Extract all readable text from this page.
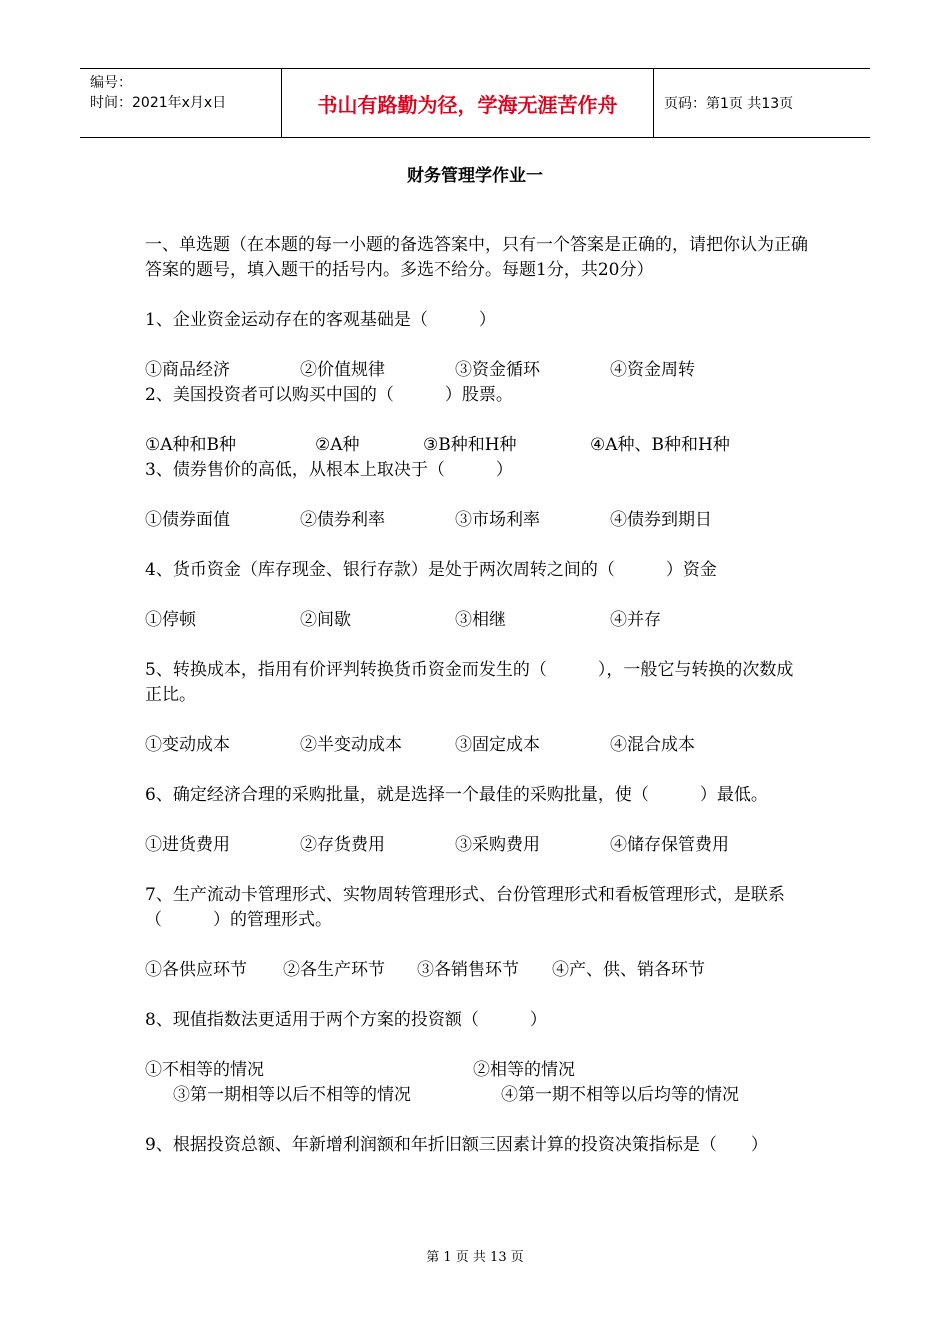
编号：
时间：2021年x月x日	书山有路勤为径，学海无涯苦作舟	页码：第1页 共13页
财务管理学作业一

一、单选题（在本题的每一小题的备选答案中，只有一个答案是正确的，请把你认为正确答案的题号，填入题干的括号内。多选不给分。每题1分，共20分）

1、企业资金运动存在的客观基础是（　　　）

①商品经济	②价值规律	③资金循环	④资金周转

2、美国投资者可以购买中国的（　　　）股票。

①A种和B种	②A种	③B种和H种	④A种、B种和H种

3、债券售价的高低，从根本上取决于（　　　）

①债券面值	②债券利率	③市场利率	④债券到期日

4、货币资金（库存现金、银行存款）是处于两次周转之间的（　　　）资金

①停顿	②间歇	③相继	④并存

5、转换成本，指用有价评判转换货币资金而发生的（　　　），一般它与转换的次数成正比。

①变动成本	②半变动成本	③固定成本	④混合成本

6、确定经济合理的采购批量，就是选择一个最佳的采购批量，使（　　　）最低。

①进货费用	②存货费用	③采购费用	④储存保管费用

7、生产流动卡管理形式、实物周转管理形式、台份管理形式和看板管理形式，是联系（　　　）的管理形式。

①各供应环节	②各生产环节	③各销售环节	④产、供、销各环节

8、现值指数法更适用于两个方案的投资额（　　　）

①不相等的情况	②相等的情况
③第一期相等以后不相等的情况	④第一期不相等以后均等的情况

9、根据投资总额、年新增利润额和年折旧额三因素计算的投资决策指标是（　　）

第 1 页 共 13 页
